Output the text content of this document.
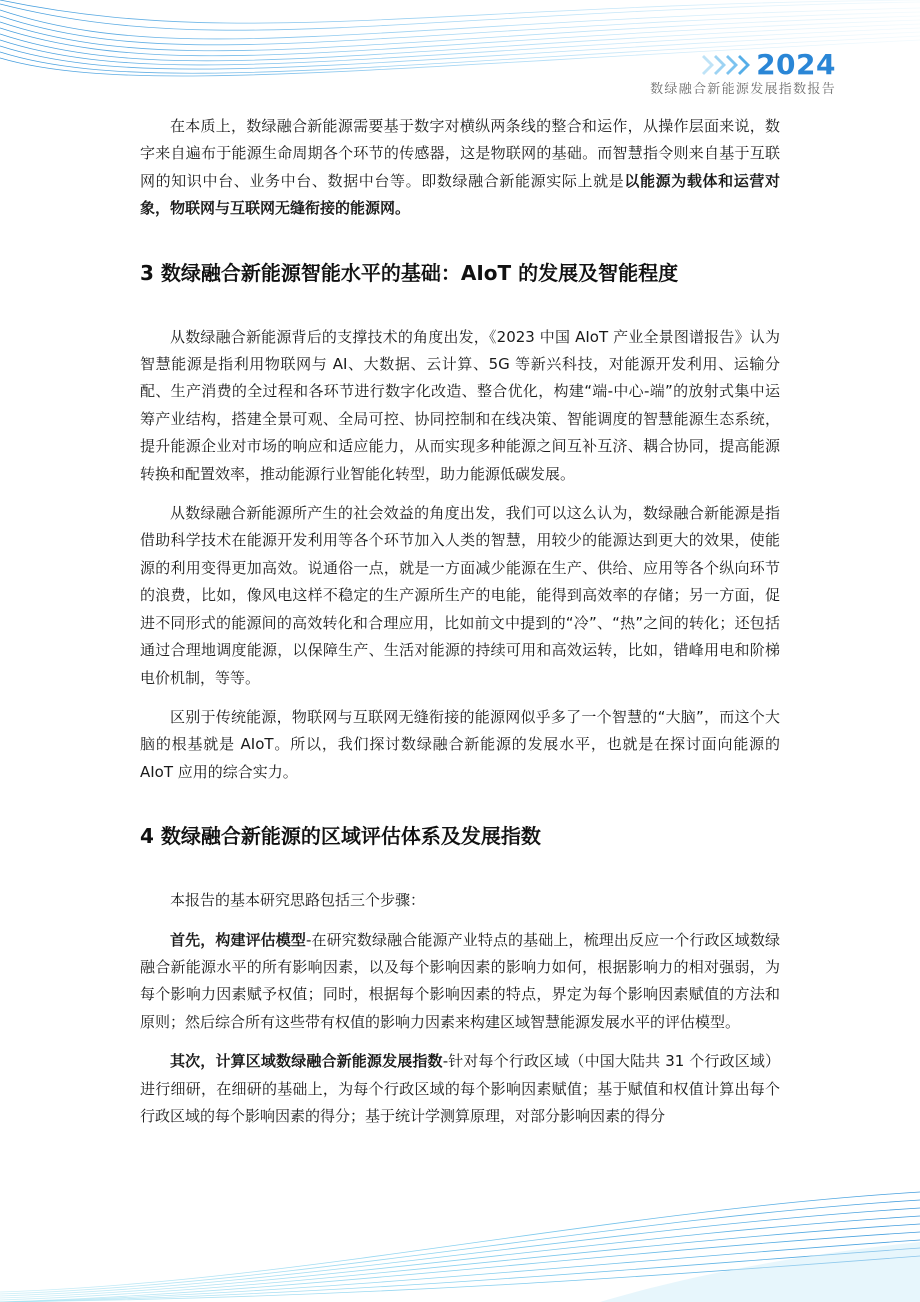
2024
数绿融合新能源发展指数报告

在本质上，数绿融合新能源需要基于数字对横纵两条线的整合和运作，从操作层面来说，数字来自遍布于能源生命周期各个环节的传感器，这是物联网的基础。而智慧指令则来自基于互联网的知识中台、业务中台、数据中台等。即数绿融合新能源实际上就是以能源为载体和运营对象，物联网与互联网无缝衔接的能源网。

3 数绿融合新能源智能水平的基础：AIoT 的发展及智能程度

从数绿融合新能源背后的支撑技术的角度出发，《2023 中国 AIoT 产业全景图谱报告》认为智慧能源是指利用物联网与 AI、大数据、云计算、5G 等新兴科技，对能源开发利用、运输分配、生产消费的全过程和各环节进行数字化改造、整合优化，构建“端-中心-端”的放射式集中运筹产业结构，搭建全景可观、全局可控、协同控制和在线决策、智能调度的智慧能源生态系统，提升能源企业对市场的响应和适应能力，从而实现多种能源之间互补互济、耦合协同，提高能源转换和配置效率，推动能源行业智能化转型，助力能源低碳发展。

从数绿融合新能源所产生的社会效益的角度出发，我们可以这么认为，数绿融合新能源是指借助科学技术在能源开发利用等各个环节加入人类的智慧，用较少的能源达到更大的效果，使能源的利用变得更加高效。说通俗一点，就是一方面减少能源在生产、供给、应用等各个纵向环节的浪费，比如，像风电这样不稳定的生产源所生产的电能，能得到高效率的存储；另一方面，促进不同形式的能源间的高效转化和合理应用，比如前文中提到的“冷”、“热”之间的转化；还包括通过合理地调度能源，以保障生产、生活对能源的持续可用和高效运转，比如，错峰用电和阶梯电价机制，等等。

区别于传统能源，物联网与互联网无缝衔接的能源网似乎多了一个智慧的“大脑”，而这个大脑的根基就是 AIoT。所以，我们探讨数绿融合新能源的发展水平，也就是在探讨面向能源的 AIoT 应用的综合实力。

4 数绿融合新能源的区域评估体系及发展指数

本报告的基本研究思路包括三个步骤：

首先，构建评估模型-在研究数绿融合能源产业特点的基础上，梳理出反应一个行政区域数绿融合新能源水平的所有影响因素，以及每个影响因素的影响力如何，根据影响力的相对强弱，为每个影响力因素赋予权值；同时，根据每个影响因素的特点，界定为每个影响因素赋值的方法和原则；然后综合所有这些带有权值的影响力因素来构建区域智慧能源发展水平的评估模型。

其次，计算区域数绿融合新能源发展指数-针对每个行政区域（中国大陆共 31 个行政区域）进行细研，在细研的基础上，为每个行政区域的每个影响因素赋值；基于赋值和权值计算出每个行政区域的每个影响因素的得分；基于统计学测算原理，对部分影响因素的得分
